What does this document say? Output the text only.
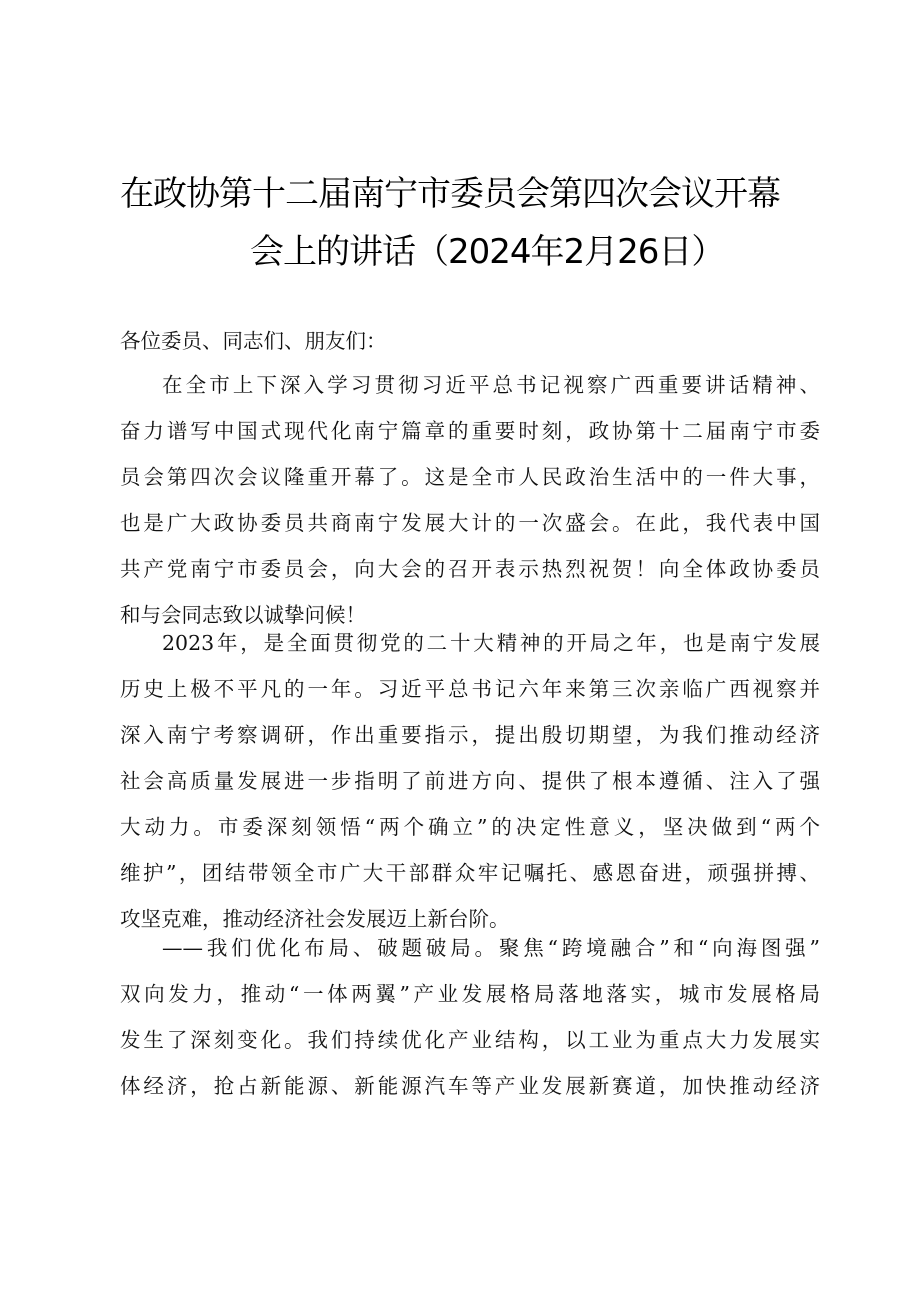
在政协第十二届南宁市委员会第四次会议开幕
会上的讲话（2024年2月26日）

各位委员、同志们、朋友们：

在全市上下深入学习贯彻习近平总书记视察广西重要讲话精神、
奋力谱写中国式现代化南宁篇章的重要时刻，政协第十二届南宁市委
员会第四次会议隆重开幕了。这是全市人民政治生活中的一件大事，
也是广大政协委员共商南宁发展大计的一次盛会。在此，我代表中国
共产党南宁市委员会，向大会的召开表示热烈祝贺！向全体政协委员
和与会同志致以诚挚问候！
2023年，是全面贯彻党的二十大精神的开局之年，也是南宁发展
历史上极不平凡的一年。习近平总书记六年来第三次亲临广西视察并
深入南宁考察调研，作出重要指示，提出殷切期望，为我们推动经济
社会高质量发展进一步指明了前进方向、提供了根本遵循、注入了强
大动力。市委深刻领悟“两个确立”的决定性意义，坚决做到“两个
维护”，团结带领全市广大干部群众牢记嘱托、感恩奋进，顽强拼搏、
攻坚克难，推动经济社会发展迈上新台阶。
——我们优化布局、破题破局。聚焦“跨境融合”和“向海图强”
双向发力，推动“一体两翼”产业发展格局落地落实，城市发展格局
发生了深刻变化。我们持续优化产业结构，以工业为重点大力发展实
体经济，抢占新能源、新能源汽车等产业发展新赛道，加快推动经济
